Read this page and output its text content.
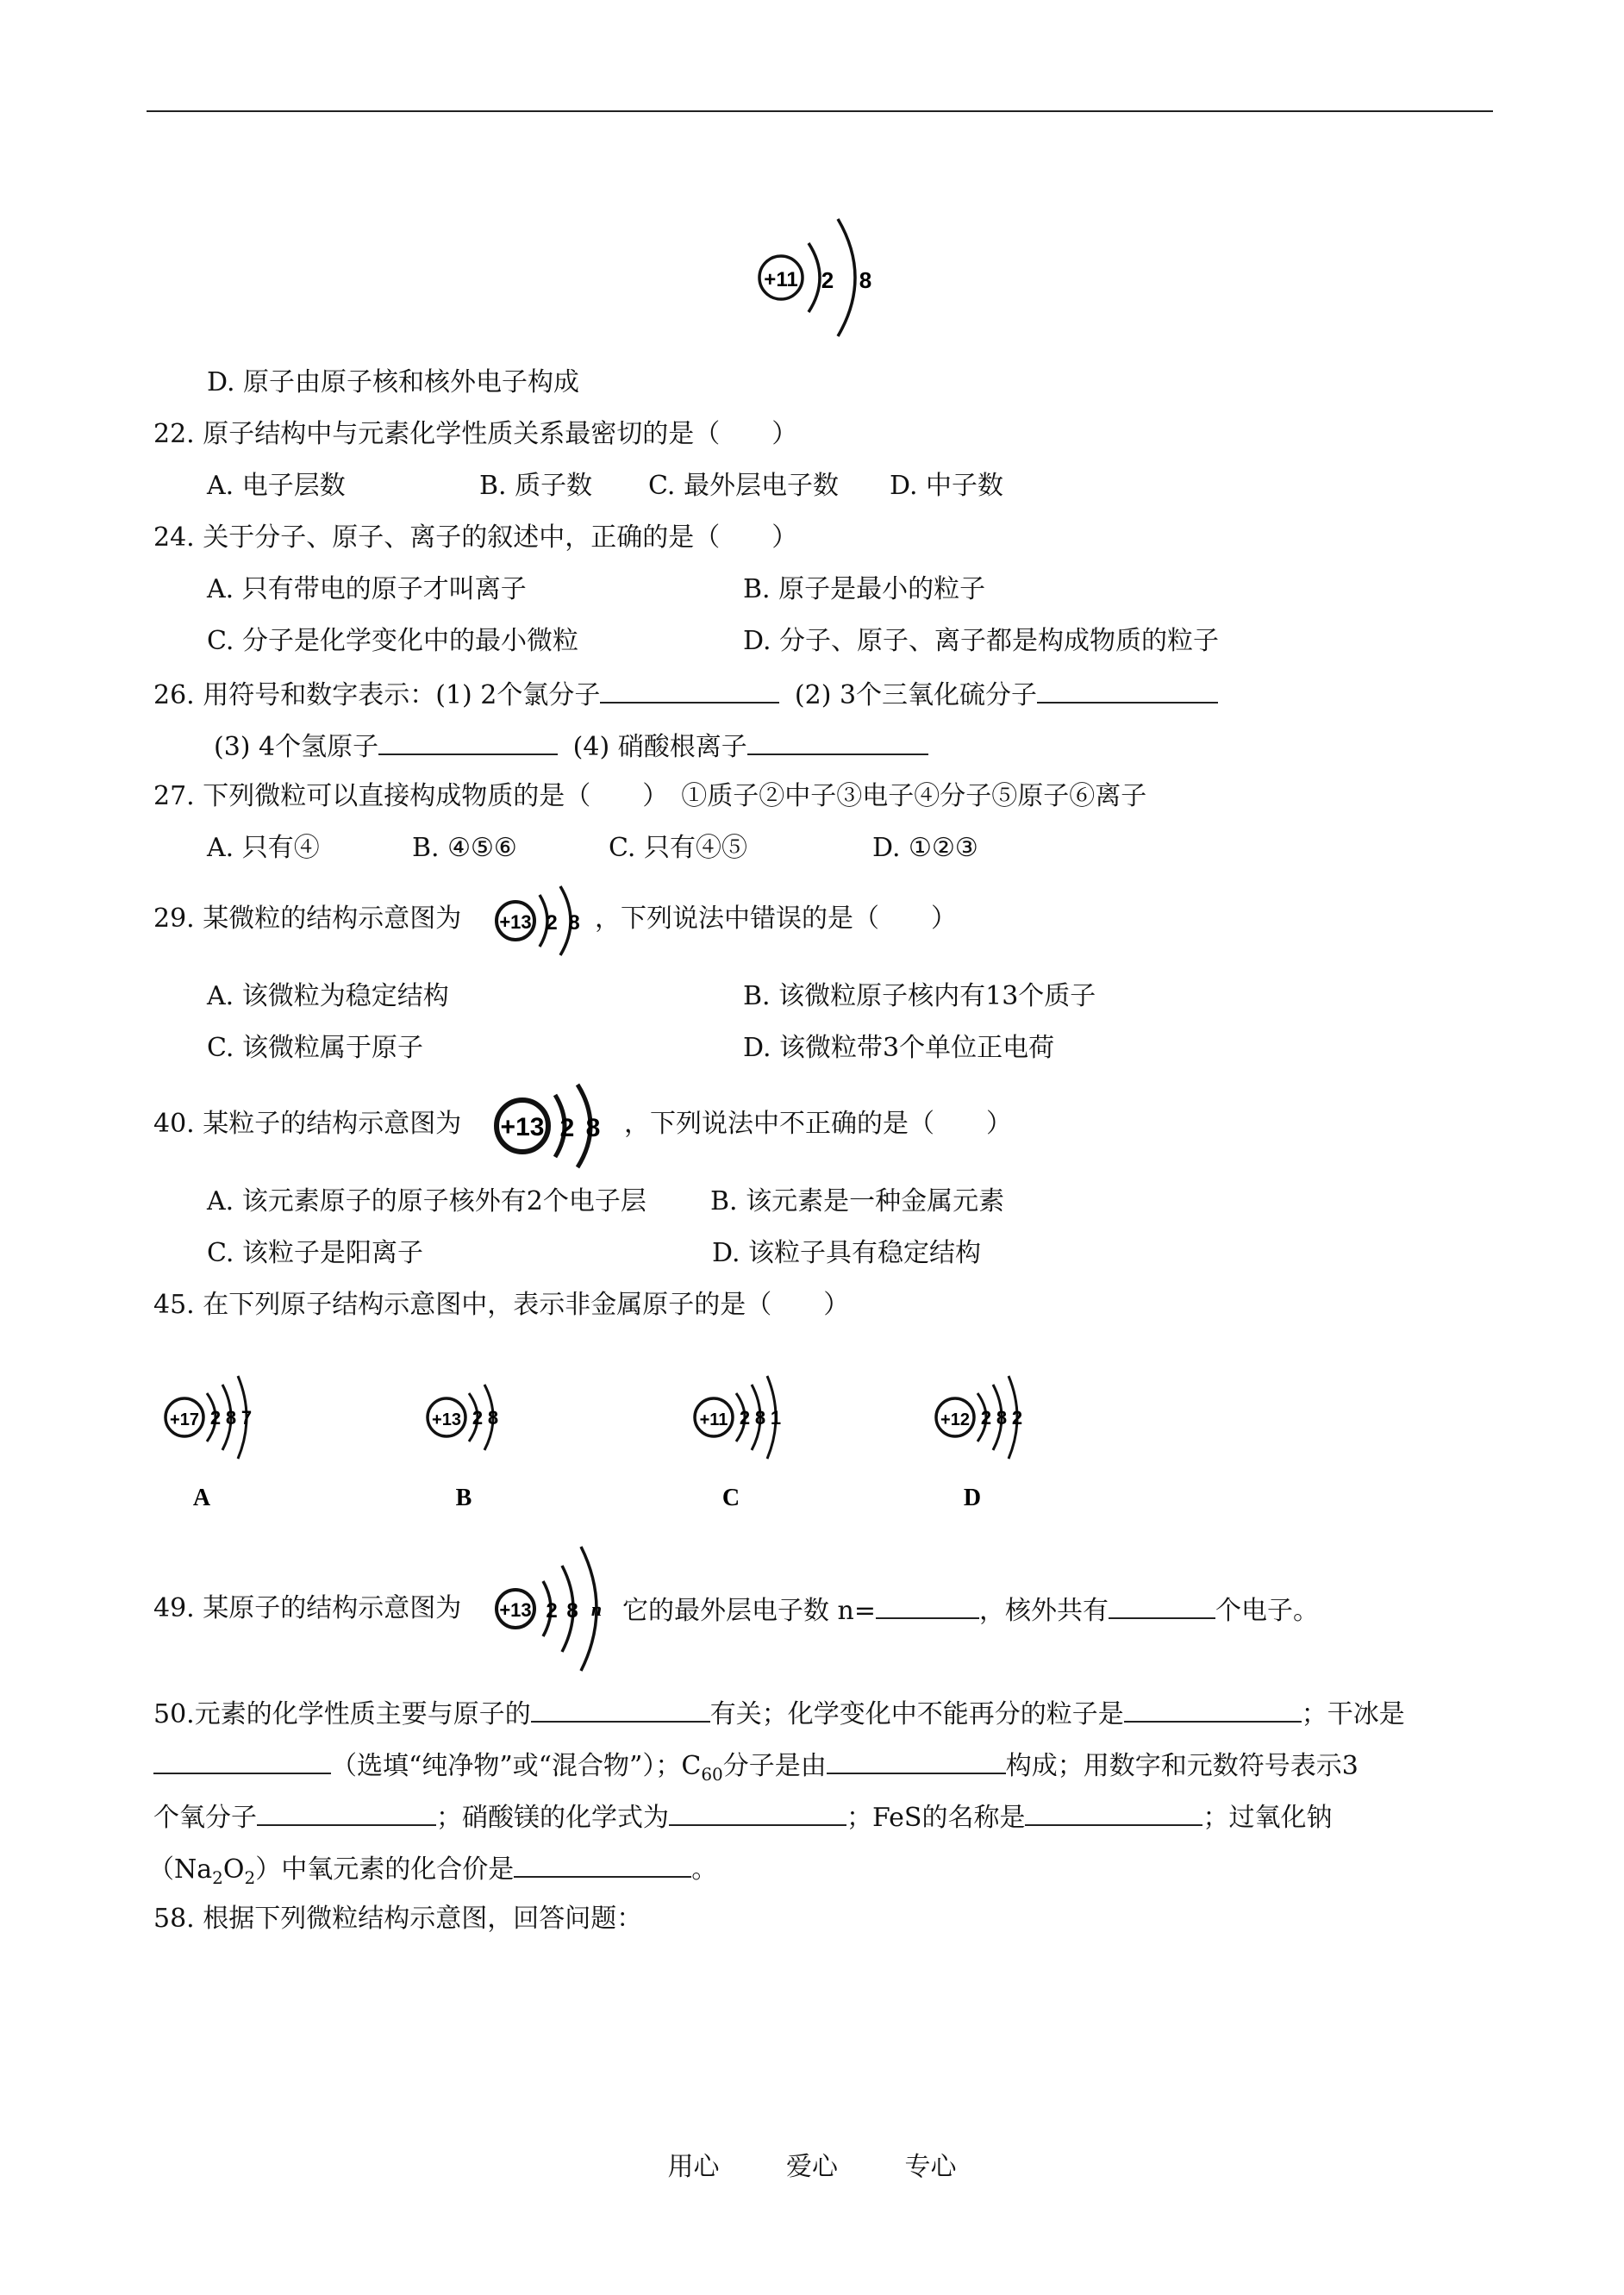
+11 2 8
D. 原子由原子核和核外电子构成
22. 原子结构中与元素化学性质关系最密切的是（　　）
A. 电子层数	B. 质子数 C. 最外层电子数 D. 中子数
24. 关于分子、原子、离子的叙述中，正确的是（　　）
A. 只有带电的原子才叫离子	B. 原子是最小的粒子
C. 分子是化学变化中的最小微粒	D. 分子、原子、离子都是构成物质的粒子
26. 用符号和数字表示：(1) 2个氯分子	(2) 3个三氧化硫分子
(3) 4个氢原子	(4) 硝酸根离子
27. 下列微粒可以直接构成物质的是（　　）　①质子②中子③电子④分子⑤原子⑥离子
A. 只有④	B. ④⑤⑥	C. 只有④⑤	D. ①②③
29. 某微粒的结构示意图为 +13 2 8 ，下列说法中错误的是（　　）
A. 该微粒为稳定结构	B. 该微粒原子核内有13个质子
C. 该微粒属于原子	D. 该微粒带3个单位正电荷
40. 某粒子的结构示意图为 +13 2 8 ，下列说法中不正确的是（　　）
A. 该元素原子的原子核外有2个电子层 B. 该元素是一种金属元素
C. 该粒子是阳离子	D. 该粒子具有稳定结构
45. 在下列原子结构示意图中，表示非金属原子的是（　　）
+17 2 8 7
A
+13 2 8
B
+11 2 8 1
C
+12 2 8 2
D
49. 某原子的结构示意图为 +13 2 8 n 它的最外层电子数 n=	，核外共有	个电子。
50.元素的化学性质主要与原子的	有关；化学变化中不能再分的粒子是	；干冰是
（选填“纯净物”或“混合物”）；$C_{60}$分子是由	构成；用数字和元数符号表示3
个氧分子	；硝酸镁的化学式为	；FeS的名称是	；过氧化钠
$(Na_2O_2)$中氧元素的化合价是	。
58. 根据下列微粒结构示意图，回答问题：
用心	爱心	专心
